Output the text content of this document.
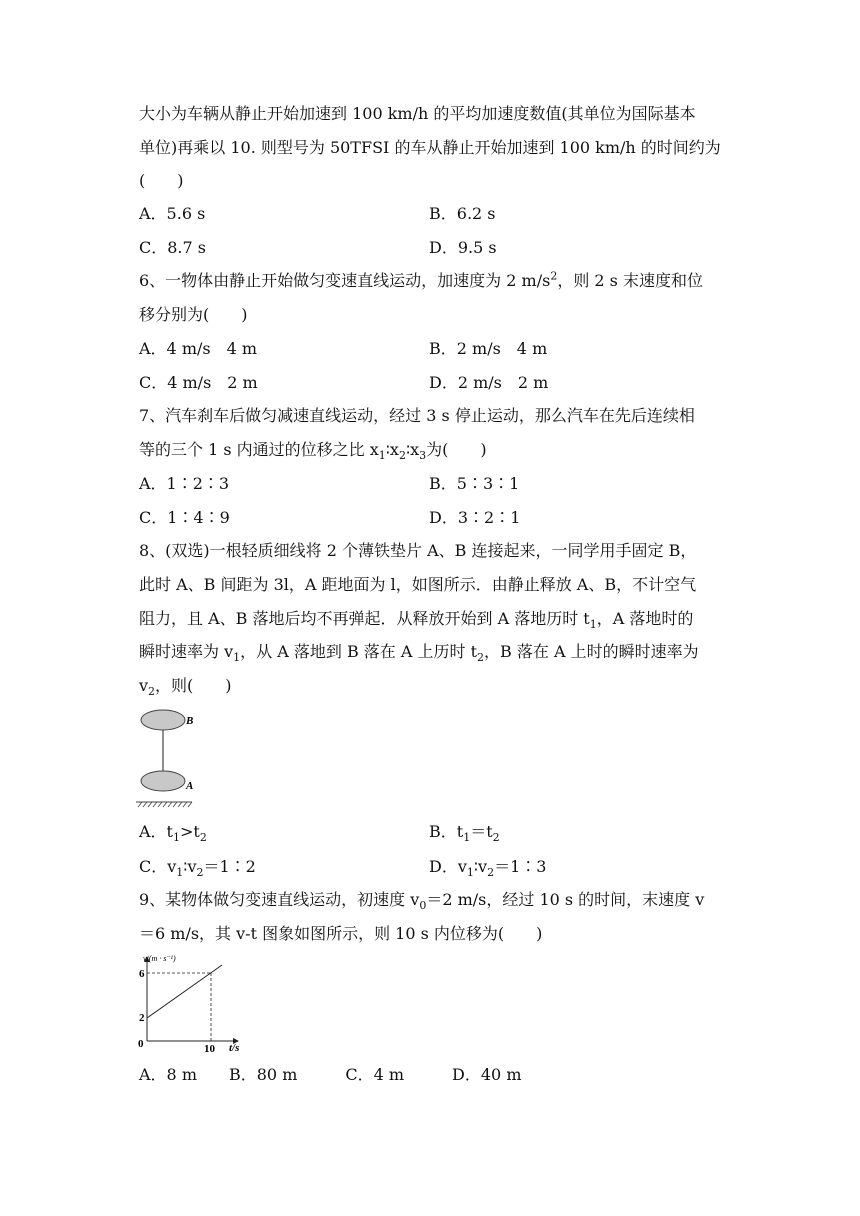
大小为车辆从静止开始加速到 100 km/h 的平均加速度数值(其单位为国际基本
单位)再乘以 10. 则型号为 50TFSI 的车从静止开始加速到 100 km/h 的时间约为
(　　)
A．5.6 s	B．6.2 s
C．8.7 s	D．9.5 s
6、一物体由静止开始做匀变速直线运动，加速度为 2 $m/s^2$，则 2 s 末速度和位
移分别为(　　)
A．4 m/s　4 m	B．2 m/s　4 m
C．4 m/s　2 m	D．2 m/s　2 m
7、汽车刹车后做匀减速直线运动，经过 3 s 停止运动，那么汽车在先后连续相
等的三个 1 s 内通过的位移之比 $x_1∶x_2∶x_3$为(　　)
A．1∶2∶3	B．5∶3∶1
C．1∶4∶9	D．3∶2∶1
8、(双选)一根轻质细线将 2 个薄铁垫片 A、B 连接起来，一同学用手固定 B，
此时 A、B 间距为 3l，A 距地面为 l，如图所示．由静止释放 A、B，不计空气
阻力，且 A、B 落地后均不再弹起．从释放开始到 A 落地历时 $t_1$，A 落地时的
瞬时速率为 $v_1$，从 A 落地到 B 落在 A 上历时 $t_2$，B 落在 A 上时的瞬时速率为
$v_2$，则(　　)
B
A
A．$t_1>t_2$	B．$t_1=t_2$
C．$v_1∶v_2=1∶2$	D．$v_1∶v_2=1∶3$
9、某物体做匀变速直线运动，初速度 $v_0=2$ m/s，经过 10 s 的时间，末速度 v
＝6 m/s，其 v-t 图象如图所示，则 10 s 内位移为(　　)
v/(m · s⁻¹)
t/s
0
6
2
10
A．8 m　　B．80 m　　　C．4 m　　　D．40 m
